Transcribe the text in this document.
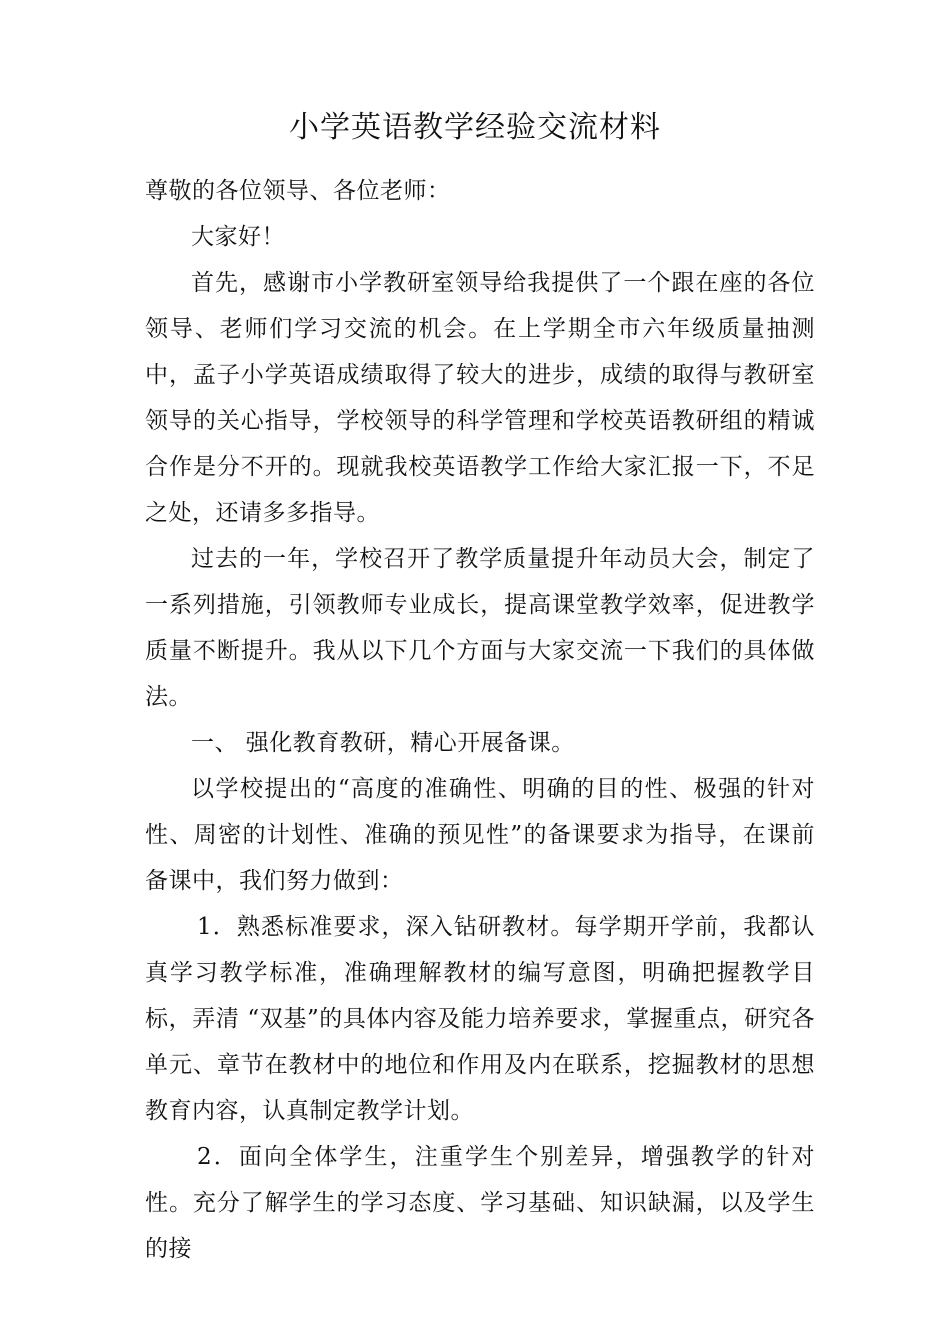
小学英语教学经验交流材料

尊敬的各位领导、各位老师：

大家好！

首先，感谢市小学教研室领导给我提供了一个跟在座的各位领导、老师们学习交流的机会。在上学期全市六年级质量抽测中，孟子小学英语成绩取得了较大的进步，成绩的取得与教研室领导的关心指导，学校领导的科学管理和学校英语教研组的精诚合作是分不开的。现就我校英语教学工作给大家汇报一下，不足之处，还请多多指导。

过去的一年，学校召开了教学质量提升年动员大会，制定了一系列措施，引领教师专业成长，提高课堂教学效率，促进教学质量不断提升。我从以下几个方面与大家交流一下我们的具体做法。

一、 强化教育教研，精心开展备课。

以学校提出的“高度的准确性、明确的目的性、极强的针对性、周密的计划性、准确的预见性”的备课要求为指导，在课前备课中，我们努力做到：

1．熟悉标准要求，深入钻研教材。每学期开学前，我都认真学习教学标准，准确理解教材的编写意图，明确把握教学目标，弄清 “双基”的具体内容及能力培养要求，掌握重点，研究各单元、章节在教材中的地位和作用及内在联系，挖掘教材的思想教育内容，认真制定教学计划。

2．面向全体学生，注重学生个别差异，增强教学的针对性。充分了解学生的学习态度、学习基础、知识缺漏，以及学生的接
